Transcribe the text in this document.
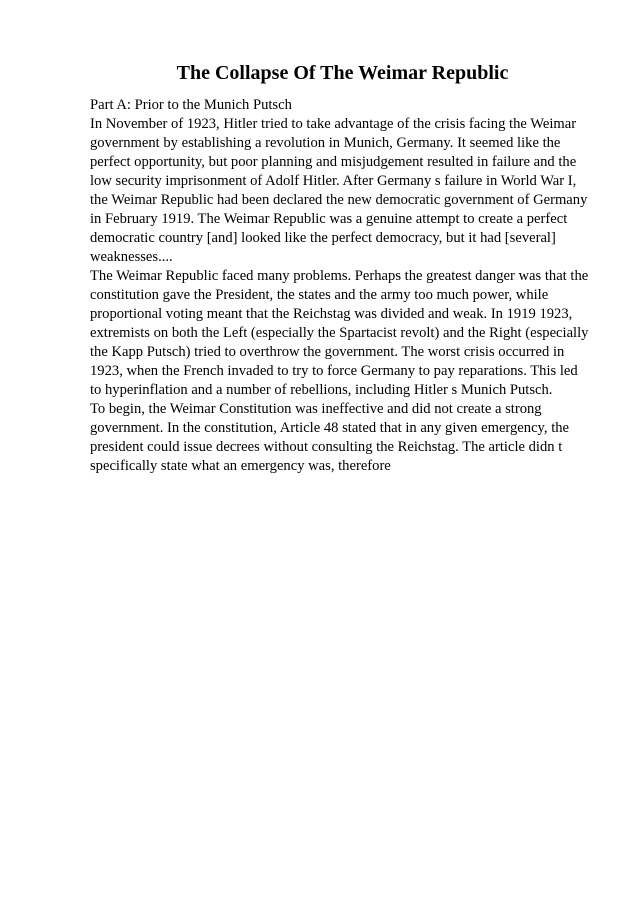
The Collapse Of The Weimar Republic
Part A: Prior to the Munich Putsch
In November of 1923, Hitler tried to take advantage of the crisis facing the Weimar
government by establishing a revolution in Munich, Germany. It seemed like the
perfect opportunity, but poor planning and misjudgement resulted in failure and the
low security imprisonment of Adolf Hitler. After Germany s failure in World War I,
the Weimar Republic had been declared the new democratic government of Germany
in February 1919. The Weimar Republic was a genuine attempt to create a perfect
democratic country [and] looked like the perfect democracy, but it had [several]
weaknesses....
The Weimar Republic faced many problems. Perhaps the greatest danger was that the
constitution gave the President, the states and the army too much power, while
proportional voting meant that the Reichstag was divided and weak. In 1919 1923,
extremists on both the Left (especially the Spartacist revolt) and the Right (especially
the Kapp Putsch) tried to overthrow the government. The worst crisis occurred in
1923, when the French invaded to try to force Germany to pay reparations. This led
to hyperinflation and a number of rebellions, including Hitler s Munich Putsch.
To begin, the Weimar Constitution was ineffective and did not create a strong
government. In the constitution, Article 48 stated that in any given emergency, the
president could issue decrees without consulting the Reichstag. The article didn t
specifically state what an emergency was, therefore
